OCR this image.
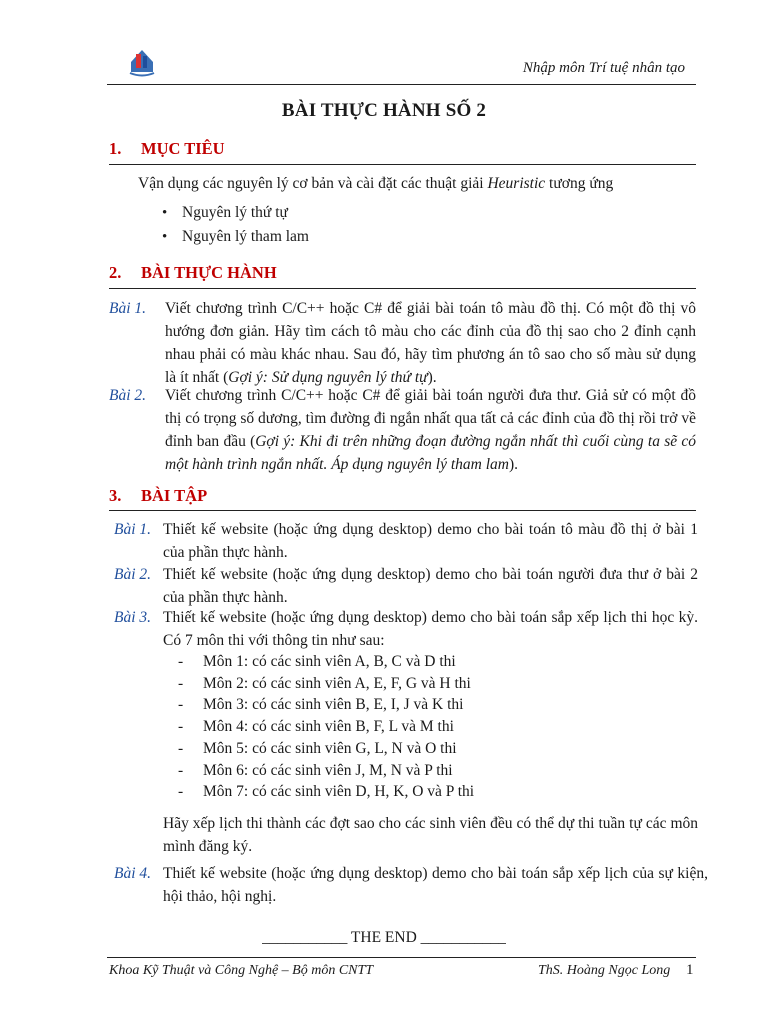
Nhập môn Trí tuệ nhân tạo
BÀI THỰC HÀNH SỐ 2
1. MỤC TIÊU
Vận dụng các nguyên lý cơ bản và cài đặt các thuật giải Heuristic tương ứng
• Nguyên lý thứ tự
• Nguyên lý tham lam
2. BÀI THỰC HÀNH
Bài 1. Viết chương trình C/C++ hoặc C# để giải bài toán tô màu đồ thị. Có một đồ thị vô hướng đơn giản. Hãy tìm cách tô màu cho các đỉnh của đồ thị sao cho 2 đỉnh cạnh nhau phải có màu khác nhau. Sau đó, hãy tìm phương án tô sao cho số màu sử dụng là ít nhất (Gợi ý: Sử dụng nguyên lý thứ tự).
Bài 2. Viết chương trình C/C++ hoặc C# để giải bài toán người đưa thư. Giả sử có một đồ thị có trọng số dương, tìm đường đi ngắn nhất qua tất cả các đỉnh của đồ thị rồi trở về đỉnh ban đầu (Gợi ý: Khi đi trên những đoạn đường ngắn nhất thì cuối cùng ta sẽ có một hành trình ngắn nhất. Áp dụng nguyên lý tham lam).
3. BÀI TẬP
Bài 1. Thiết kế website (hoặc ứng dụng desktop) demo cho bài toán tô màu đồ thị ở bài 1 của phần thực hành.
Bài 2. Thiết kế website (hoặc ứng dụng desktop) demo cho bài toán người đưa thư ở bài 2 của phần thực hành.
Bài 3. Thiết kế website (hoặc ứng dụng desktop) demo cho bài toán sắp xếp lịch thi học kỳ. Có 7 môn thi với thông tin như sau:
- Môn 1: có các sinh viên A, B, C và D thi
- Môn 2: có các sinh viên A, E, F, G và H thi
- Môn 3: có các sinh viên B, E, I, J và K thi
- Môn 4: có các sinh viên B, F, L và M thi
- Môn 5: có các sinh viên G, L, N và O thi
- Môn 6: có các sinh viên J, M, N và P thi
- Môn 7: có các sinh viên D, H, K, O và P thi
Hãy xếp lịch thi thành các đợt sao cho các sinh viên đều có thể dự thi tuần tự các môn mình đăng ký.
Bài 4. Thiết kế website (hoặc ứng dụng desktop) demo cho bài toán sắp xếp lịch của sự kiện, hội thảo, hội nghị.
___________ THE END ___________
Khoa Kỹ Thuật và Công Nghệ – Bộ môn CNTT	ThS. Hoàng Ngọc Long 1
